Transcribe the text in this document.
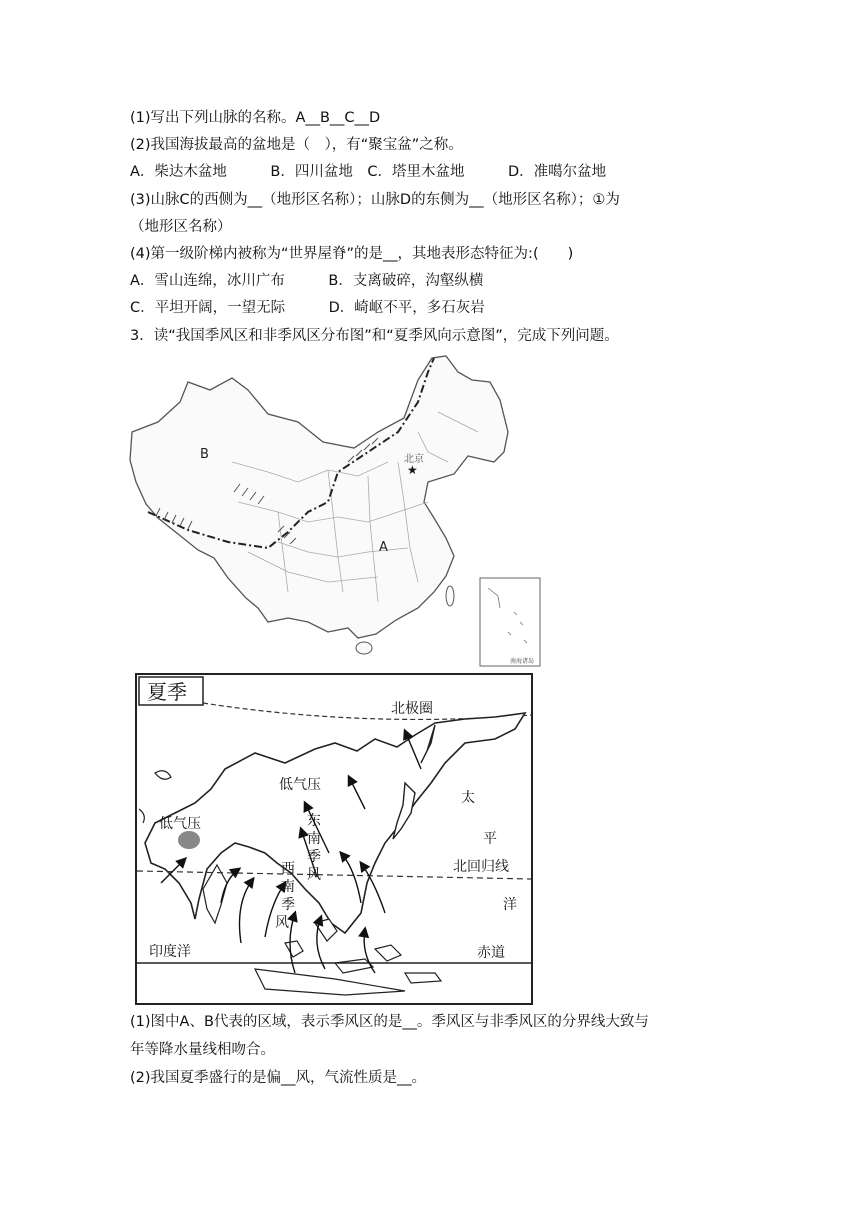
(1)写出下列山脉的名称。A__B__C__D
(2)我国海拔最高的盆地是（　），有“聚宝盆”之称。
A．柴达木盆地　　　B．四川盆地　C．塔里木盆地　　　D．准噶尔盆地
(3)山脉C的西侧为__（地形区名称）；山脉D的东侧为__（地形区名称）；①为
（地形区名称）
(4)第一级阶梯内被称为“世界屋脊”的是__，其地表形态特征为:(　　)
A．雪山连绵，冰川广布　　　B．支离破碎，沟壑纵横
C．平坦开阔，一望无际　　　D．崎岖不平，多石灰岩
3．读“我国季风区和非季风区分布图”和“夏季风向示意图”，完成下列问题。
★
北京
B
A
南海诸岛
夏季
北极圈
北回归线
赤道
低气压
低气压
太
平
洋
印度洋
东
南
季
风
西
南
季
风
(1)图中A、B代表的区域，表示季风区的是__。季风区与非季风区的分界线大致与
年等降水量线相吻合。
(2)我国夏季盛行的是偏__风，气流性质是__。
